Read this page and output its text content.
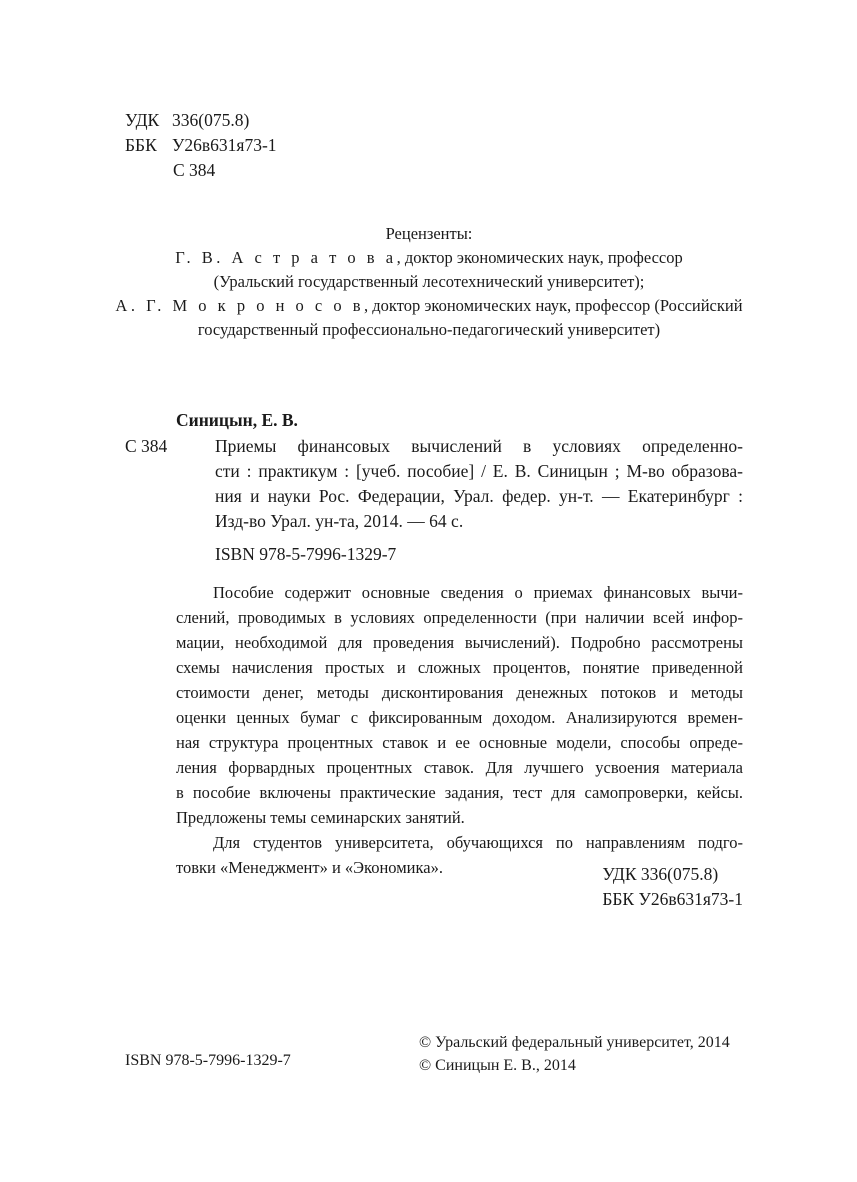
УДК 336(075.8)
ББК У26в631я73-1
С 384
Рецензенты:
Г. В. А с т р а т о в а, доктор экономических наук, профессор
(Уральский государственный лесотехнический университет);
А. Г. М о к р о н о с о в, доктор экономических наук, профессор (Российский
государственный профессионально-педагогический университет)
Синицын, Е. В.
С 384	Приемы финансовых вычислений в условиях определенно-
сти : практикум : [учеб. пособие] / Е. В. Синицын ; М-во образова-
ния и науки Рос. Федерации, Урал. федер. ун-т. — Екатеринбург :
Изд-во Урал. ун-та, 2014. — 64 с.
ISBN 978-5-7996-1329-7
Пособие содержит основные сведения о приемах финансовых вычи-
слений, проводимых в условиях определенности (при наличии всей инфор-
мации, необходимой для проведения вычислений). Подробно рассмотрены
схемы начисления простых и сложных процентов, понятие приведенной
стоимости денег, методы дисконтирования денежных потоков и методы
оценки ценных бумаг с фиксированным доходом. Анализируются времен-
ная структура процентных ставок и ее основные модели, способы опреде-
ления форвардных процентных ставок. Для лучшего усвоения материала
в пособие включены практические задания, тест для самопроверки, кейсы.
Предложены темы семинарских занятий.
Для студентов университета, обучающихся по направлениям подго-
товки «Менеджмент» и «Экономика».	УДК 336(075.8)
ББК У26в631я73-1
ISBN 978-5-7996-1329-7
© Уральский федеральный университет, 2014
© Синицын Е. В., 2014
